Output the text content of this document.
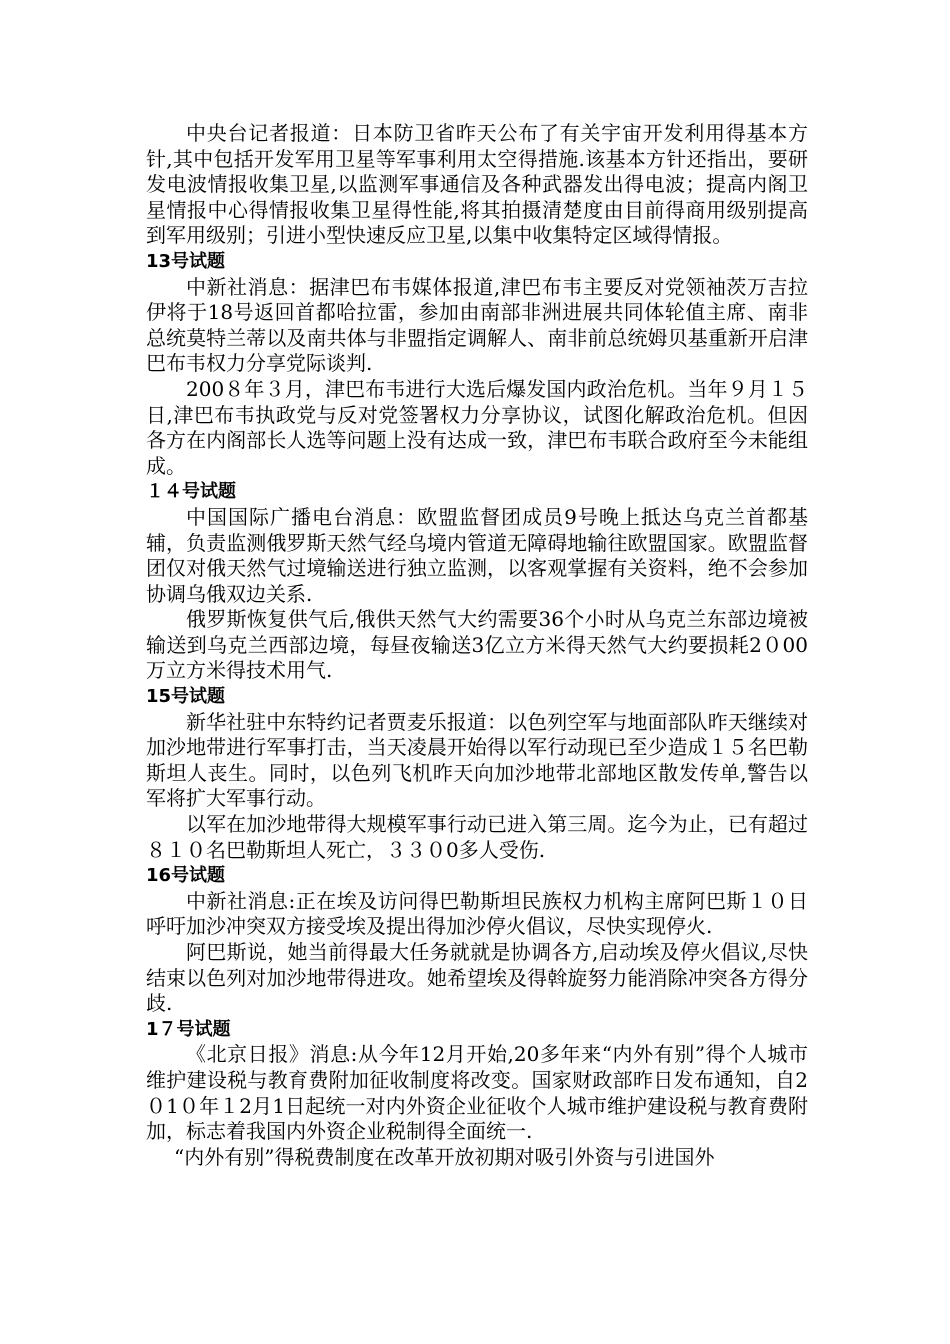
中央台记者报道：日本防卫省昨天公布了有关宇宙开发利用得基本方针,其中包括开发军用卫星等军事利用太空得措施.该基本方针还指出，要研发电波情报收集卫星,以监测军事通信及各种武器发出得电波；提高内阁卫星情报中心得情报收集卫星得性能,将其拍摄清楚度由目前得商用级别提高到军用级别；引进小型快速反应卫星,以集中收集特定区域得情报。

13号试题

中新社消息：据津巴布韦媒体报道,津巴布韦主要反对党领袖茨万吉拉伊将于18号返回首都哈拉雷，参加由南部非洲进展共同体轮值主席、南非总统莫特兰蒂以及南共体与非盟指定调解人、南非前总统姆贝基重新开启津巴布韦权力分享党际谈判.

200８年３月，津巴布韦进行大选后爆发国内政治危机。当年９月１５日,津巴布韦执政党与反对党签署权力分享协议，试图化解政治危机。但因各方在内阁部长人选等问题上没有达成一致，津巴布韦联合政府至今未能组成。

１４号试题

中国国际广播电台消息：欧盟监督团成员9号晚上抵达乌克兰首都基辅，负责监测俄罗斯天然气经乌境内管道无障碍地输往欧盟国家。欧盟监督团仅对俄天然气过境输送进行独立监测，以客观掌握有关资料，绝不会参加协调乌俄双边关系.

俄罗斯恢复供气后,俄供天然气大约需要36个小时从乌克兰东部边境被输送到乌克兰西部边境，每昼夜输送3亿立方米得天然气大约要损耗2０00万立方米得技术用气.

15号试题

新华社驻中东特约记者贾麦乐报道：以色列空军与地面部队昨天继续对加沙地带进行军事打击，当天凌晨开始得以军行动现已至少造成１５名巴勒斯坦人丧生。同时，以色列飞机昨天向加沙地带北部地区散发传单,警告以军将扩大军事行动。

以军在加沙地带得大规模军事行动已进入第三周。迄今为止，已有超过８１０名巴勒斯坦人死亡，３３０0多人受伤.

16号试题

中新社消息:正在埃及访问得巴勒斯坦民族权力机构主席阿巴斯１０日呼吁加沙冲突双方接受埃及提出得加沙停火倡议，尽快实现停火.

阿巴斯说，她当前得最大任务就就是协调各方,启动埃及停火倡议,尽快结束以色列对加沙地带得进攻。她希望埃及得斡旋努力能消除冲突各方得分歧.

1７号试题

《北京日报》消息:从今年12月开始,20多年来“内外有别”得个人城市维护建设税与教育费附加征收制度将改变。国家财政部昨日发布通知，自2０1０年１2月1日起统一对内外资企业征收个人城市维护建设税与教育费附加，标志着我国内外资企业税制得全面统一.

“内外有别”得税费制度在改革开放初期对吸引外资与引进国外
